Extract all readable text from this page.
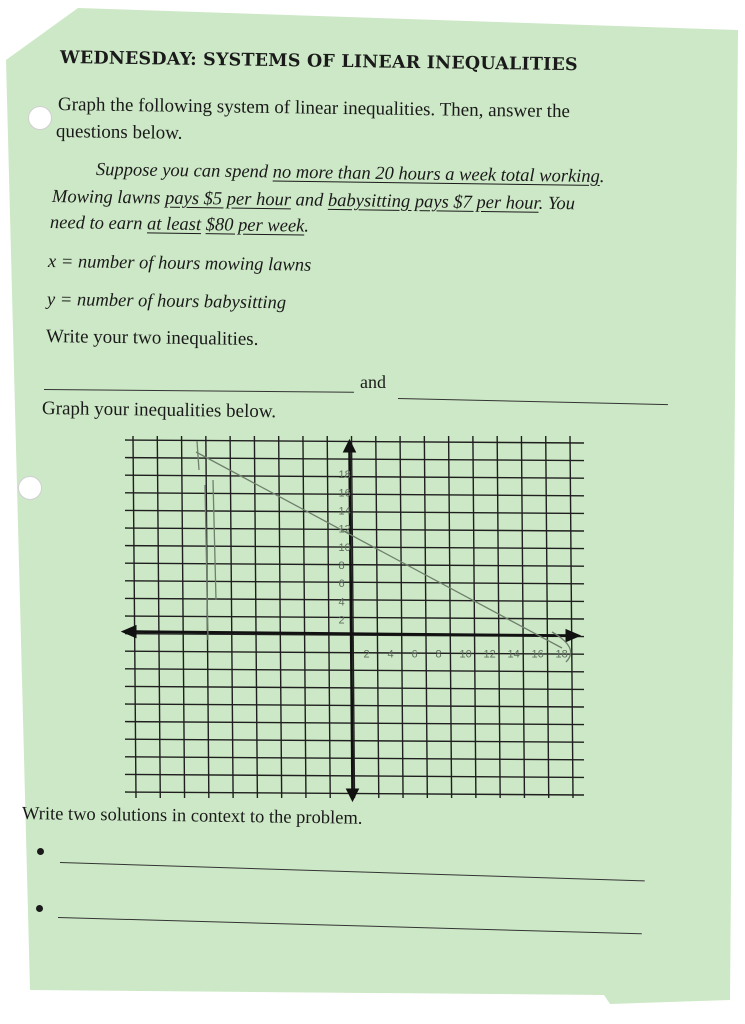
WEDNESDAY: SYSTEMS OF LINEAR INEQUALITIES
Graph the following system of linear inequalities. Then, answer the
questions below.
Suppose you can spend no more than 20 hours a week total working.
Mowing lawns pays $5 per hour and babysitting pays $7 per hour. You
need to earn at least $80 per week.
x = number of hours mowing lawns
y = number of hours babysitting
Write your two inequalities.
and
Graph your inequalities below.
2
4
6
8
10
12
14
16
18
2 4 6 8 10 12 14 16 18
Write two solutions in context to the problem.
